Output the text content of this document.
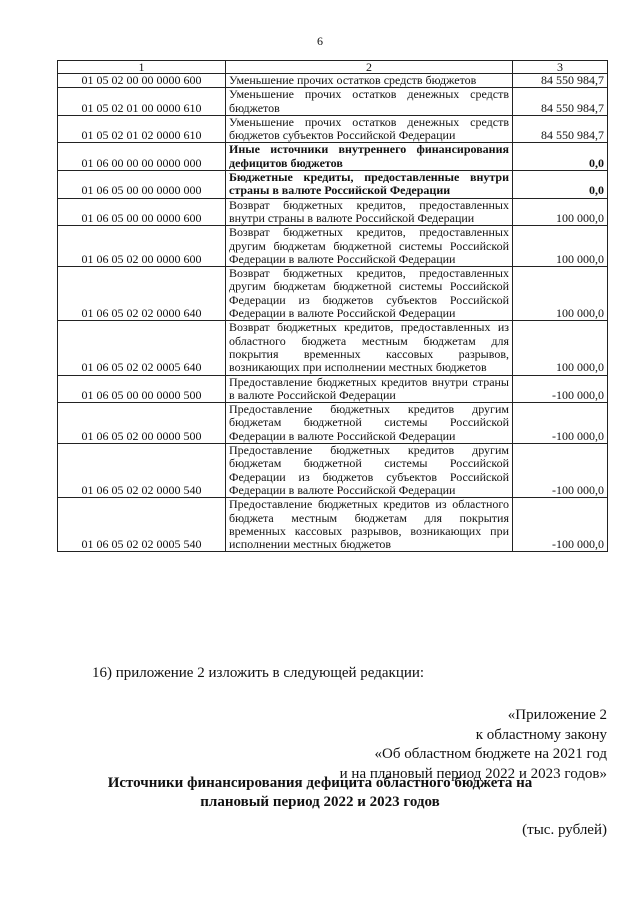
6
1	2	3
01 05 02 00 00 0000 600	Уменьшение прочих остатков средств бюджетов	84 550 984,7
01 05 02 01 00 0000 610	Уменьшение прочих остатков денежных средств бюджетов	84 550 984,7
01 05 02 01 02 0000 610	Уменьшение прочих остатков денежных средств бюджетов субъектов Российской Федерации	84 550 984,7
01 06 00 00 00 0000 000	Иные источники внутреннего финансирования дефицитов бюджетов	0,0
01 06 05 00 00 0000 000	Бюджетные кредиты, предоставленные внутри страны в валюте Российской Федерации	0,0
01 06 05 00 00 0000 600	Возврат бюджетных кредитов, предоставленных внутри страны в валюте Российской Федерации	100 000,0
01 06 05 02 00 0000 600	Возврат бюджетных кредитов, предоставленных другим бюджетам бюджетной системы Российской Федерации в валюте Российской Федерации	100 000,0
01 06 05 02 02 0000 640	Возврат бюджетных кредитов, предоставленных другим бюджетам бюджетной системы Российской Федерации из бюджетов субъектов Российской Федерации в валюте Российской Федерации	100 000,0
01 06 05 02 02 0005 640	Возврат бюджетных кредитов, предоставленных из областного бюджета местным бюджетам для покрытия временных кассовых разрывов, возникающих при исполнении местных бюджетов	100 000,0
01 06 05 00 00 0000 500	Предоставление бюджетных кредитов внутри страны в валюте Российской Федерации	-100 000,0
01 06 05 02 00 0000 500	Предоставление бюджетных кредитов другим бюджетам бюджетной системы Российской Федерации в валюте Российской Федерации	-100 000,0
01 06 05 02 02 0000 540	Предоставление бюджетных кредитов другим бюджетам бюджетной системы Российской Федерации из бюджетов субъектов Российской Федерации в валюте Российской Федерации	-100 000,0
01 06 05 02 02 0005 540	Предоставление бюджетных кредитов из областного бюджета местным бюджетам для покрытия временных кассовых разрывов, возникающих при исполнении местных бюджетов	-100 000,0
16) приложение 2 изложить в следующей редакции:
«Приложение 2
к областному закону
«Об областном бюджете на 2021 год
и на плановый период 2022 и 2023 годов»
Источники финансирования дефицита областного бюджета на
плановый период 2022 и 2023 годов
(тыс. рублей)
